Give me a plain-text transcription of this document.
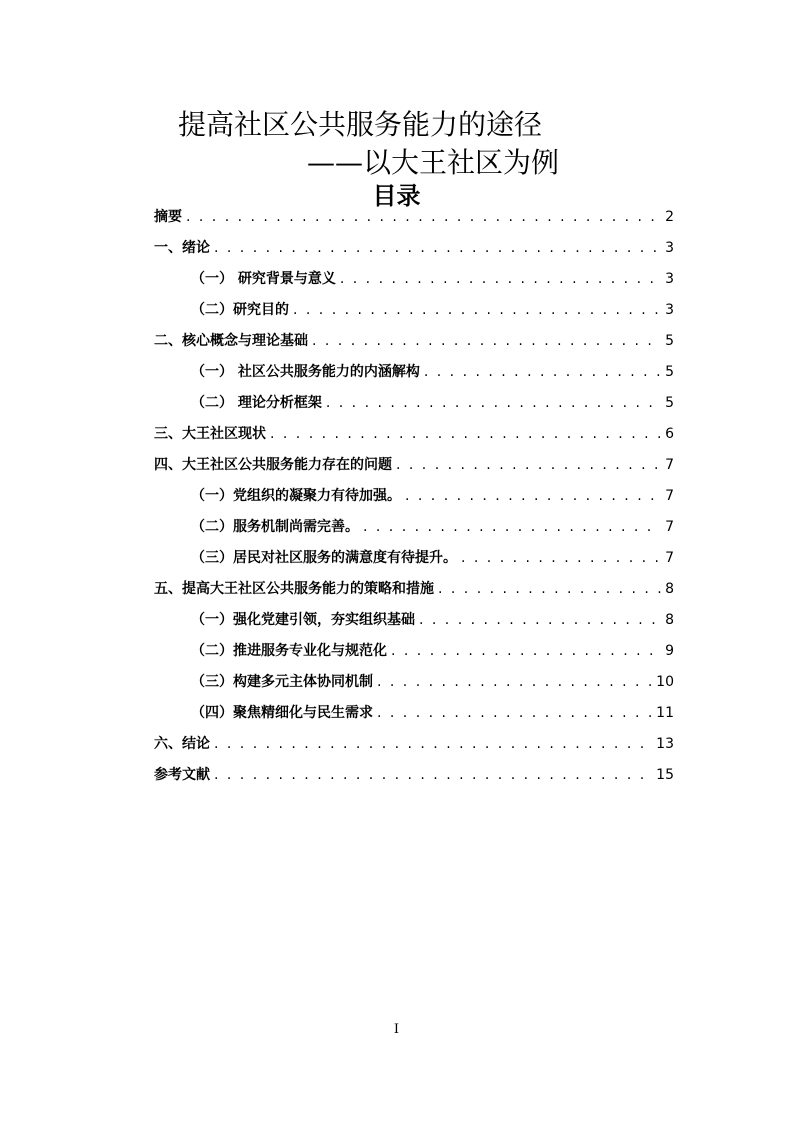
提高社区公共服务能力的途径
——以大王社区为例
目录
摘要 . . .	2
一、绪论 . . .	3
（一） 研究背景与意义 . . .	3
（二）研究目的 . . .	3
二、核心概念与理论基础 . . .	5
（一） 社区公共服务能力的内涵解构 . . .	5
（二） 理论分析框架 . . .	5
三、大王社区现状 . . .	6
四、大王社区公共服务能力存在的问题 . . .	7
（一）党组织的凝聚力有待加强。 . . .	7
（二）服务机制尚需完善。 . . .	7
（三）居民对社区服务的满意度有待提升。 . . .	7
五、提高大王社区公共服务能力的策略和措施 . . .	8
（一）强化党建引领，夯实组织基础 . . .	8
（二）推进服务专业化与规范化 . . .	9
（三）构建多元主体协同机制 . . .	10
（四）聚焦精细化与民生需求 . . .	11
六、结论 . . .	13
参考文献 . . .	15
I
